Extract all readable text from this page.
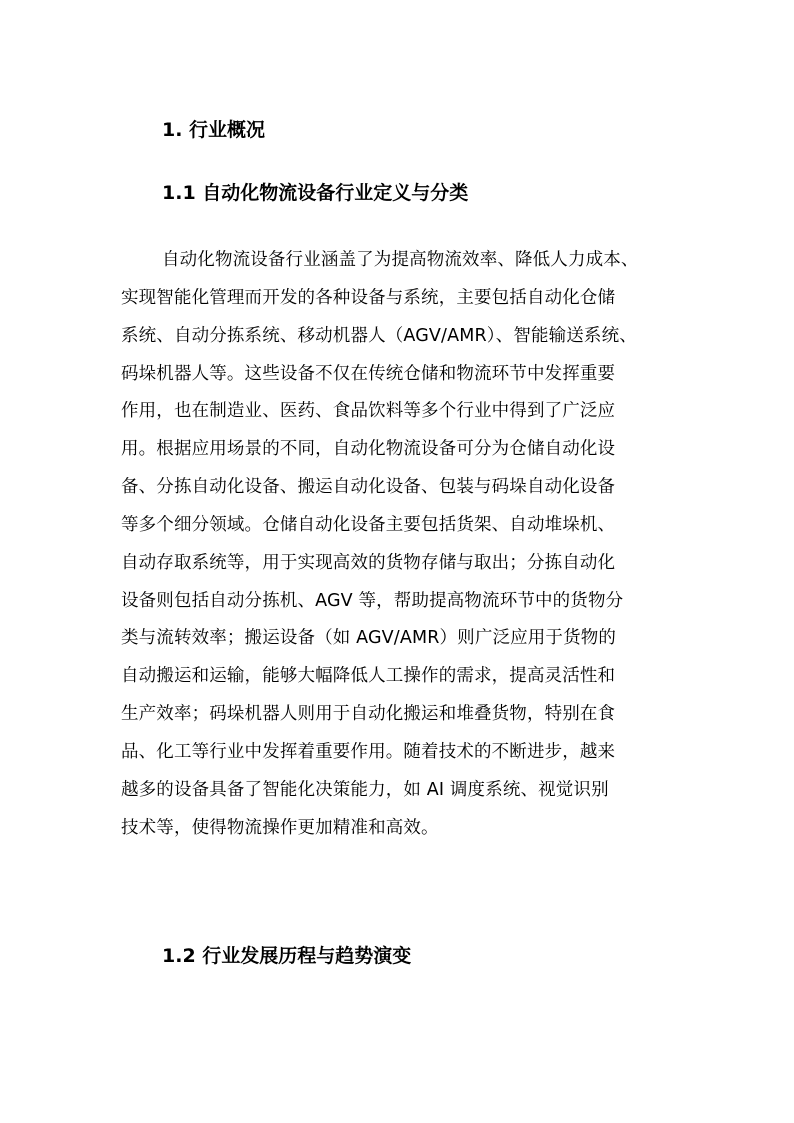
1. 行业概况
1.1 自动化物流设备行业定义与分类

自动化物流设备行业涵盖了为提高物流效率、降低人力成本、
实现智能化管理而开发的各种设备与系统，主要包括自动化仓储
系统、自动分拣系统、移动机器人（AGV/AMR）、智能输送系统、
码垛机器人等。这些设备不仅在传统仓储和物流环节中发挥重要
作用，也在制造业、医药、食品饮料等多个行业中得到了广泛应
用。根据应用场景的不同，自动化物流设备可分为仓储自动化设
备、分拣自动化设备、搬运自动化设备、包装与码垛自动化设备
等多个细分领域。仓储自动化设备主要包括货架、自动堆垛机、
自动存取系统等，用于实现高效的货物存储与取出；分拣自动化
设备则包括自动分拣机、AGV 等，帮助提高物流环节中的货物分
类与流转效率；搬运设备（如 AGV/AMR）则广泛应用于货物的
自动搬运和运输，能够大幅降低人工操作的需求，提高灵活性和
生产效率；码垛机器人则用于自动化搬运和堆叠货物，特别在食
品、化工等行业中发挥着重要作用。随着技术的不断进步，越来
越多的设备具备了智能化决策能力，如 AI 调度系统、视觉识别
技术等，使得物流操作更加精准和高效。

1.2 行业发展历程与趋势演变
